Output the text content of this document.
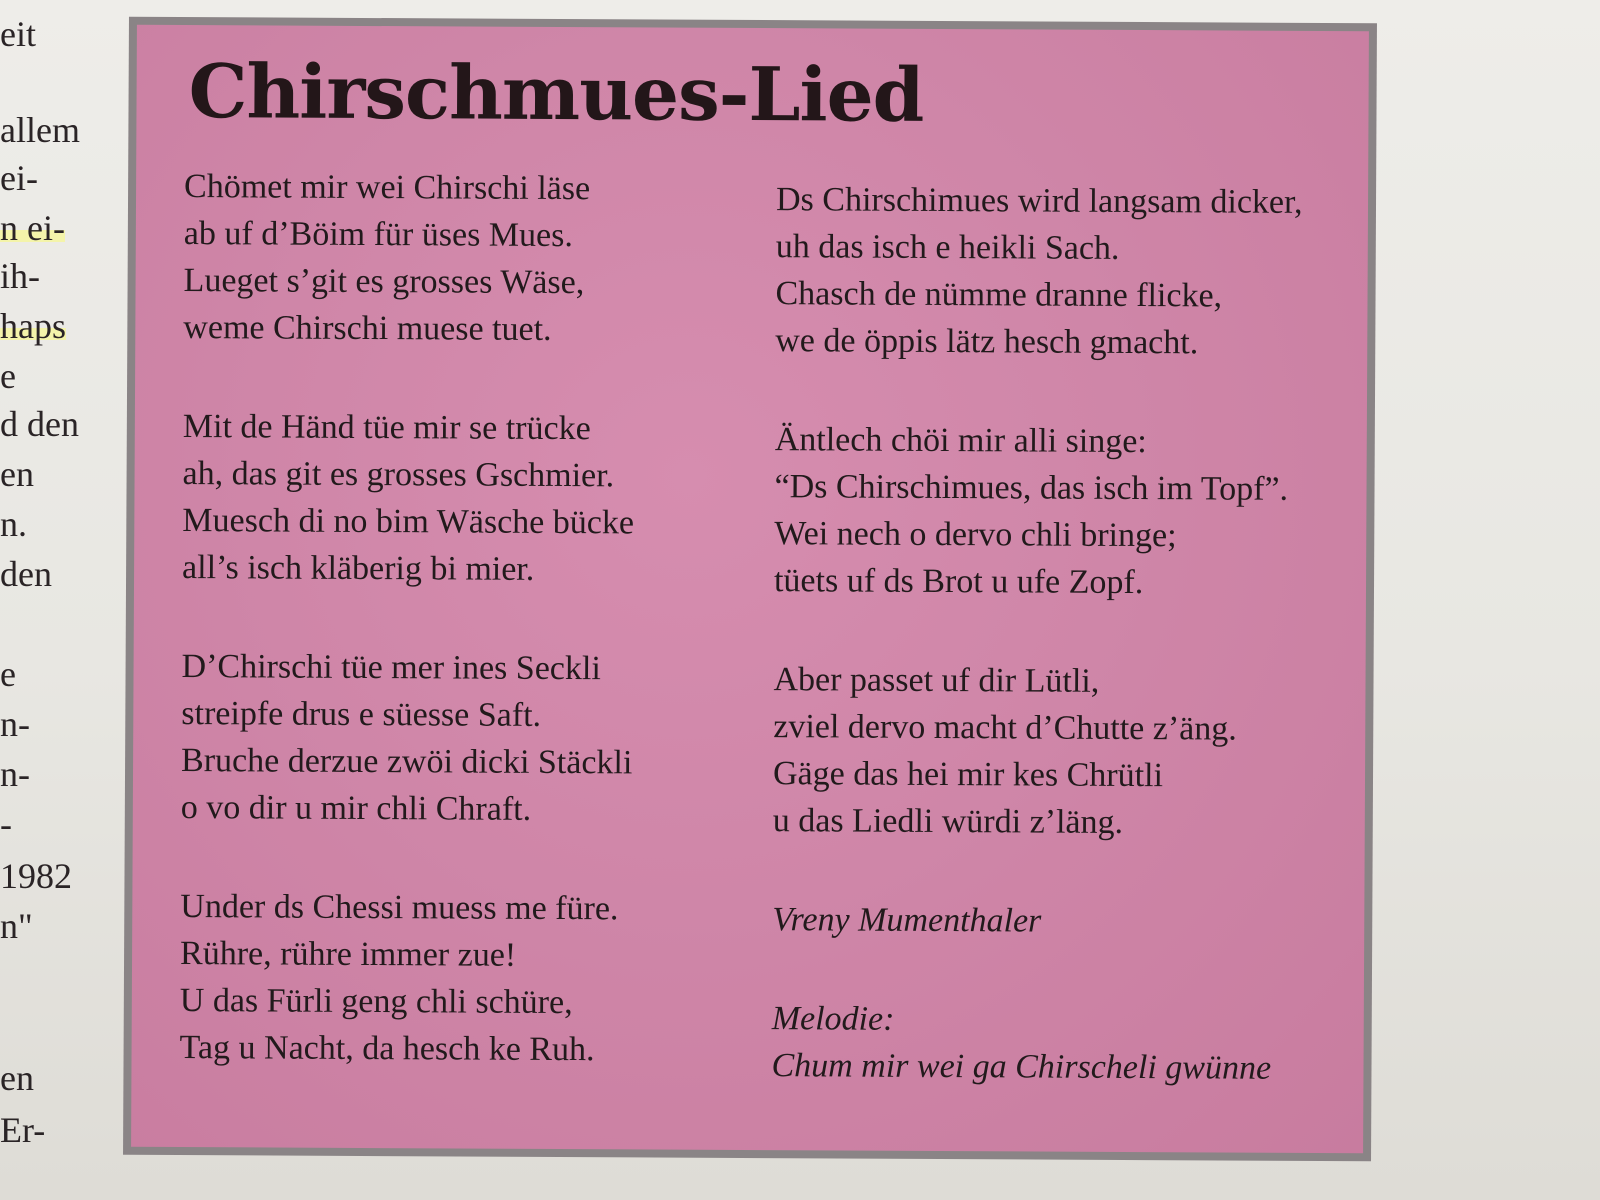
eit
allem
ei-
n ei-
ih-
haps
e
d den
en
n.
den
e
n-
n-
-
1982
n"
en
Er-
Chirschmues-Lied

Chömet mir wei Chirschi läse
ab uf d’Böim für üses Mues.
Lueget s’git es grosses Wäse,
weme Chirschi muese tuet.

Mit de Händ tüe mir se trücke
ah, das git es grosses Gschmier.
Muesch di no bim Wäsche bücke
all’s isch kläberig bi mier.

D’Chirschi tüe mer ines Seckli
streipfe drus e süesse Saft.
Bruche derzue zwöi dicki Stäckli
o vo dir u mir chli Chraft.

Under ds Chessi muess me füre.
Rühre, rühre immer zue!
U das Fürli geng chli schüre,
Tag u Nacht, da hesch ke Ruh.

Ds Chirschimues wird langsam dicker,
uh das isch e heikli Sach.
Chasch de nümme dranne flicke,
we de öppis lätz hesch gmacht.

Äntlech chöi mir alli singe:
“Ds Chirschimues, das isch im Topf”.
Wei nech o dervo chli bringe;
tüets uf ds Brot u ufe Zopf.

Aber passet uf dir Lütli,
zviel dervo macht d’Chutte z’äng.
Gäge das hei mir kes Chrütli
u das Liedli würdi z’läng.

Vreny Mumenthaler
Melodie:
Chum mir wei ga Chirscheli gwünne
